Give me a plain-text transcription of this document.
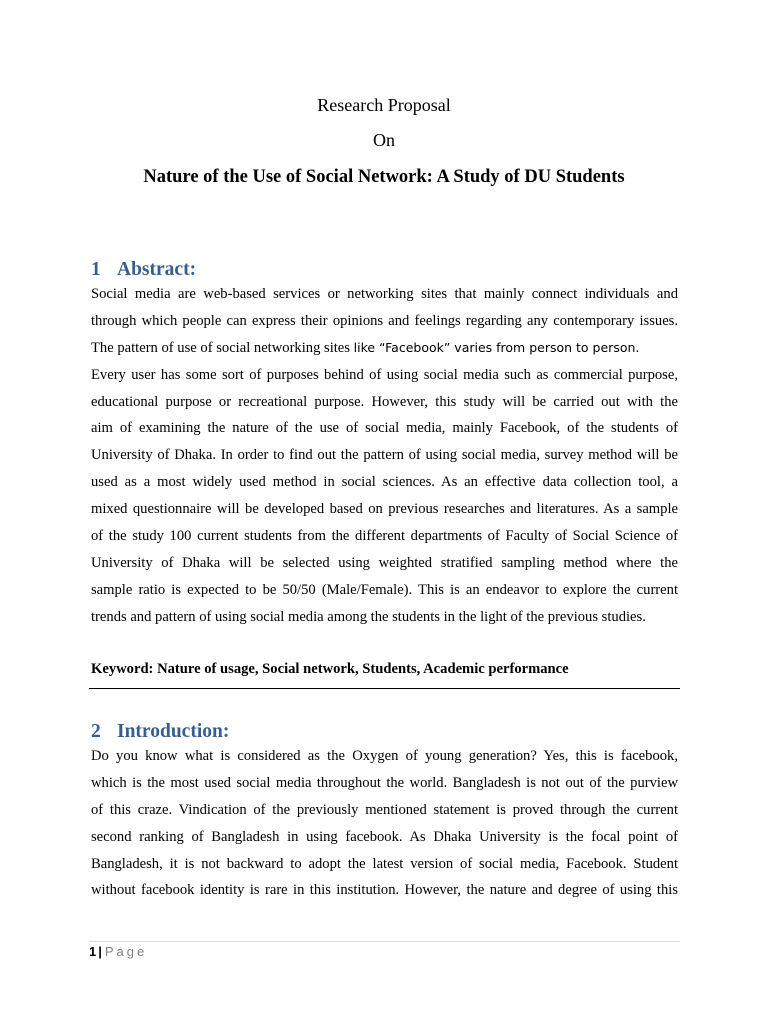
Research Proposal
On
Nature of the Use of Social Network: A Study of DU Students
1 Abstract:
Social media are web-based services or networking sites that mainly connect individuals and
through which people can express their opinions and feelings regarding any contemporary issues.
The pattern of use of social networking sites like “Facebook” varies from person to person.
Every user has some sort of purposes behind of using social media such as commercial purpose,
educational purpose or recreational purpose. However, this study will be carried out with the
aim of examining the nature of the use of social media, mainly Facebook, of the students of
University of Dhaka. In order to find out the pattern of using social media, survey method will be
used as a most widely used method in social sciences. As an effective data collection tool, a
mixed questionnaire will be developed based on previous researches and literatures. As a sample
of the study 100 current students from the different departments of Faculty of Social Science of
University of Dhaka will be selected using weighted stratified sampling method where the
sample ratio is expected to be 50/50 (Male/Female). This is an endeavor to explore the current
trends and pattern of using social media among the students in the light of the previous studies.
Keyword: Nature of usage, Social network, Students, Academic performance
2 Introduction:
Do you know what is considered as the Oxygen of young generation? Yes, this is facebook,
which is the most used social media throughout the world. Bangladesh is not out of the purview
of this craze. Vindication of the previously mentioned statement is proved through the current
second ranking of Bangladesh in using facebook. As Dhaka University is the focal point of
Bangladesh, it is not backward to adopt the latest version of social media, Facebook. Student
without facebook identity is rare in this institution. However, the nature and degree of using this
1 | Page
